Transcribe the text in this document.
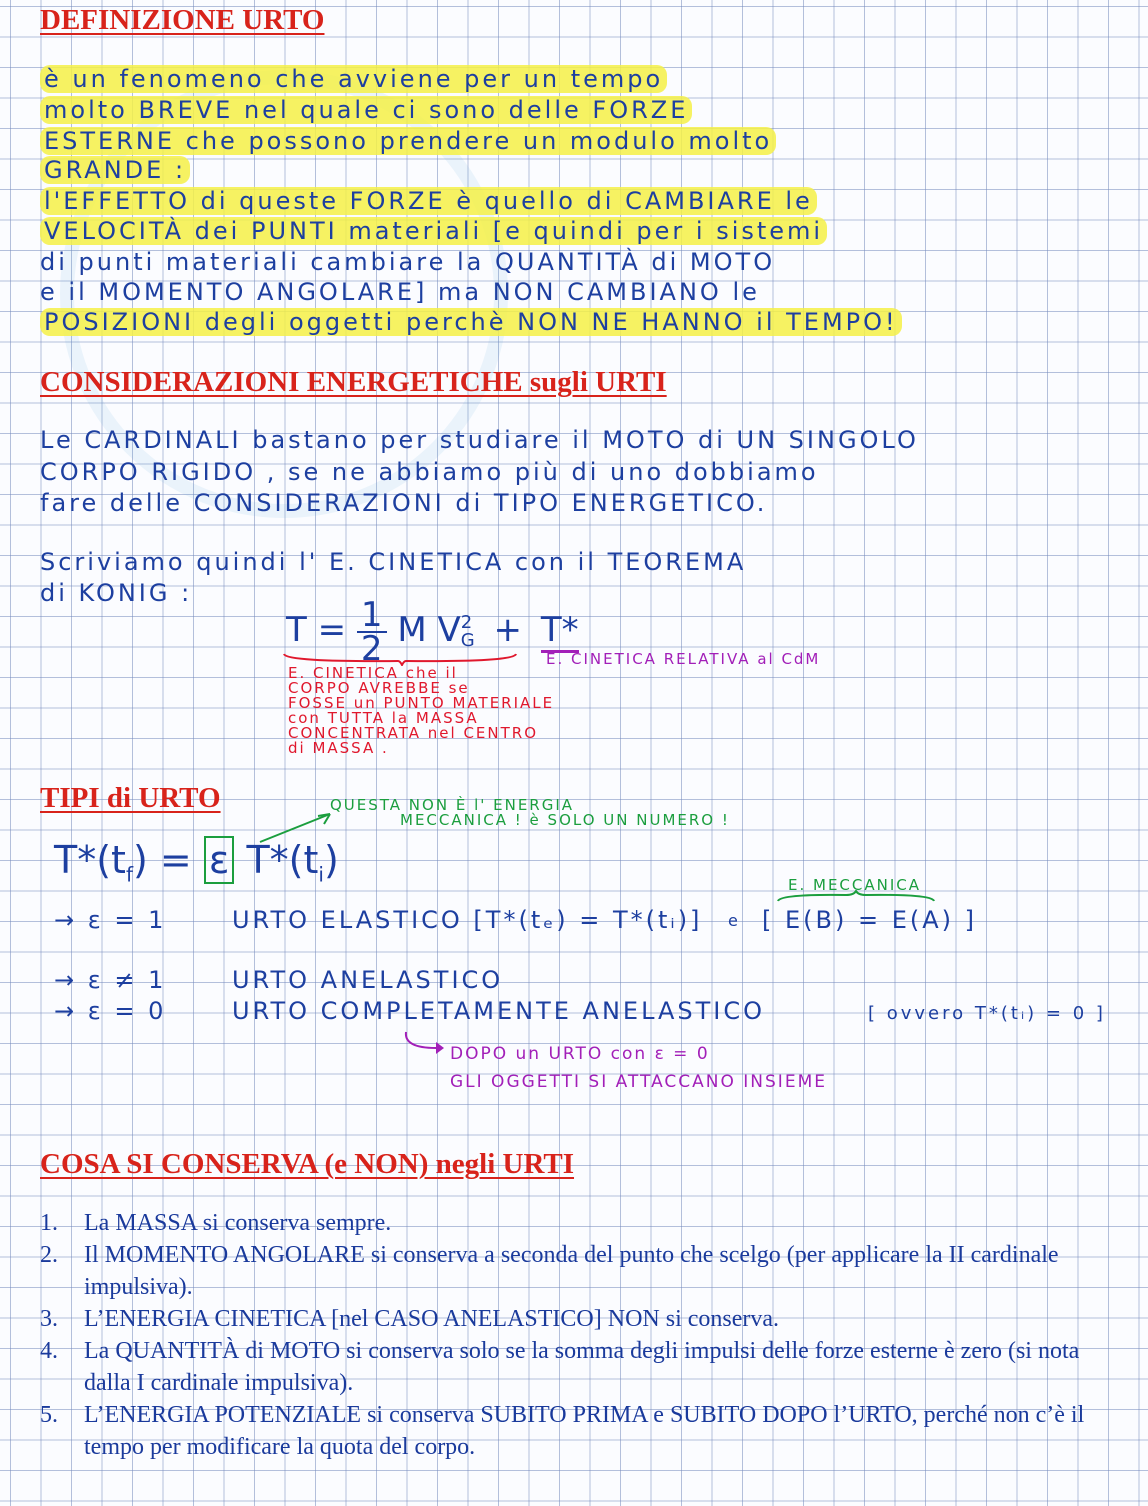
DEFINIZIONE URTO

è un fenomeno che avviene per un tempo

molto BREVE nel quale ci sono delle FORZE

ESTERNE che possono prendere un modulo molto

GRANDE :

l'EFFETTO di queste FORZE è quello di CAMBIARE le

VELOCITÀ dei PUNTI materiali [e quindi per i sistemi

di punti materiali cambiare la QUANTITÀ di MOTO

e il MOMENTO ANGOLARE] ma NON CAMBIANO le

POSIZIONI degli oggetti perchè NON NE HANNO il TEMPO!

CONSIDERAZIONI ENERGETICHE sugli URTI

Le CARDINALI bastano per studiare il MOTO di UN SINGOLO

CORPO RIGIDO , se ne abbiamo più di uno dobbiamo

fare delle CONSIDERAZIONI di TIPO ENERGETICO.

Scriviamo quindi l' E. CINETICA con il TEOREMA

di KONIG :

$T = \frac{1}{2}$ M V 2
G + T*

E. CINETICA che il

CORPO AVREBBE se

FOSSE un PUNTO MATERIALE

con TUTTA la MASSA

CONCENTRATA nel CENTRO

di MASSA .

E. CINETICA RELATIVA al CdM

TIPI di URTO	QUESTA NON È l' ENERGIA

MECCANICA ! è SOLO UN NUMERO !

$T*(t_f) = \varepsilon$ $T*(t_i)$

E. MECCANICA

→ ε = 1	URTO ELASTICO [T*(tₑ) = T*(tᵢ)] e [ E(B) = E(A) ]

→ ε ≠ 1	URTO ANELASTICO

→ ε = 0	URTO COMPLETAMENTE ANELASTICO	[ ovvero T*(tᵢ) = 0 ]

DOPO un URTO con ε = 0

GLI OGGETTI SI ATTACCANO INSIEME

COSA SI CONSERVA (e NON) negli URTI
1. La MASSA si conserva sempre.
2. Il MOMENTO ANGOLARE si conserva a seconda del punto che scelgo (per applicare la II cardinale impulsiva).
3. L’ENERGIA CINETICA [nel CASO ANELASTICO] NON si conserva.
4. La QUANTITÀ di MOTO si conserva solo se la somma degli impulsi delle forze esterne è zero (si nota dalla I cardinale impulsiva).
5. L’ENERGIA POTENZIALE si conserva SUBITO PRIMA e SUBITO DOPO l’URTO, perché non c’è il tempo per modificare la quota del corpo.
